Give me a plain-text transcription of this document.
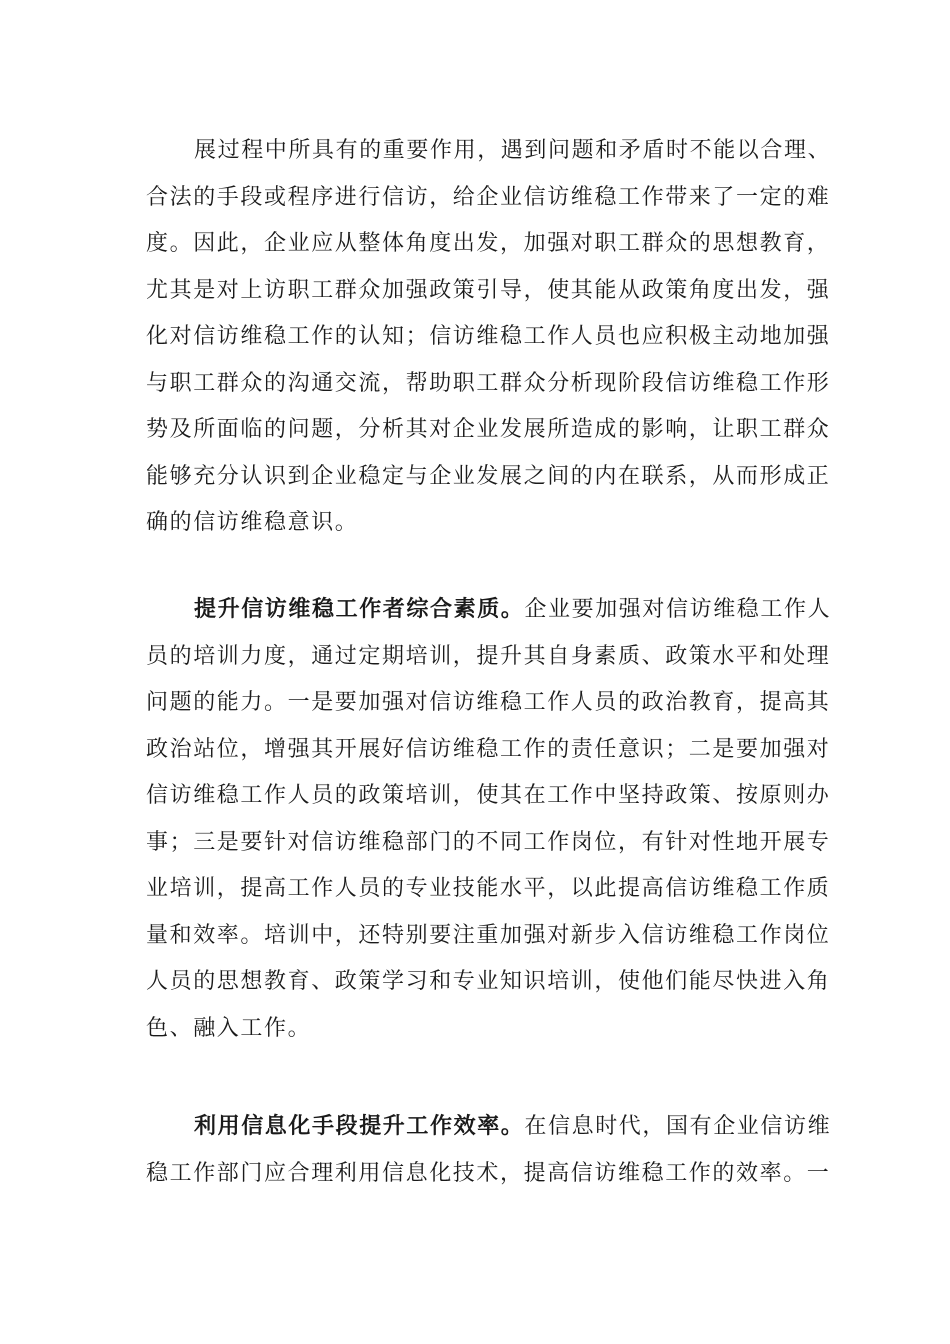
展过程中所具有的重要作用，遇到问题和矛盾时不能以合理、
合法的手段或程序进行信访，给企业信访维稳工作带来了一定的难
度。因此，企业应从整体角度出发，加强对职工群众的思想教育，
尤其是对上访职工群众加强政策引导，使其能从政策角度出发，强
化对信访维稳工作的认知；信访维稳工作人员也应积极主动地加强
与职工群众的沟通交流，帮助职工群众分析现阶段信访维稳工作形
势及所面临的问题，分析其对企业发展所造成的影响，让职工群众
能够充分认识到企业稳定与企业发展之间的内在联系，从而形成正
确的信访维稳意识。
提升信访维稳工作者综合素质。企业要加强对信访维稳工作人
员的培训力度，通过定期培训，提升其自身素质、政策水平和处理
问题的能力。一是要加强对信访维稳工作人员的政治教育，提高其
政治站位，增强其开展好信访维稳工作的责任意识；二是要加强对
信访维稳工作人员的政策培训，使其在工作中坚持政策、按原则办
事；三是要针对信访维稳部门的不同工作岗位，有针对性地开展专
业培训，提高工作人员的专业技能水平，以此提高信访维稳工作质
量和效率。培训中，还特别要注重加强对新步入信访维稳工作岗位
人员的思想教育、政策学习和专业知识培训，使他们能尽快进入角
色、融入工作。
利用信息化手段提升工作效率。在信息时代，国有企业信访维
稳工作部门应合理利用信息化技术，提高信访维稳工作的效率。一
